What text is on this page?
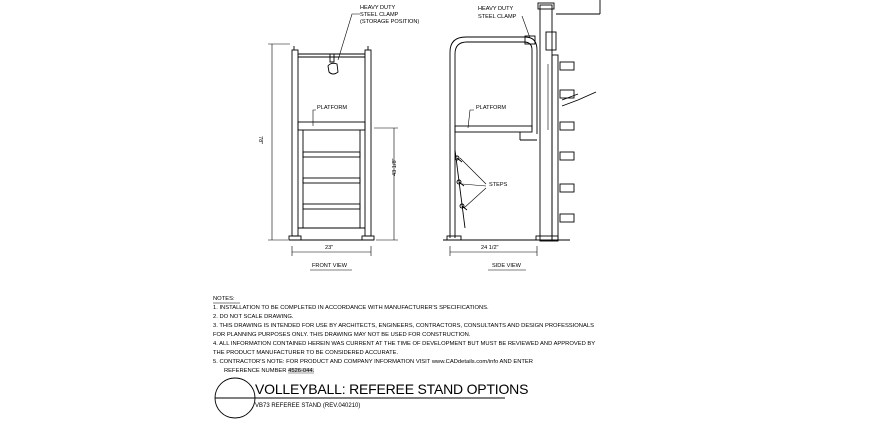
HEAVY DUTY
STEEL CLAMP
(STORAGE POSITION)
PLATFORM
78"
43 1/8"
23"
FRONT VIEW
HEAVY DUTY
STEEL CLAMP
PLATFORM
STEPS
24 1/2"
SIDE VIEW
NOTES:
1. INSTALLATION TO BE COMPLETED IN ACCORDANCE WITH MANUFACTURER'S SPECIFICATIONS.
2. DO NOT SCALE DRAWING.
3. THIS DRAWING IS INTENDED FOR USE BY ARCHITECTS, ENGINEERS, CONTRACTORS, CONSULTANTS AND DESIGN PROFESSIONALS
FOR PLANNING PURPOSES ONLY. THIS DRAWING MAY NOT BE USED FOR CONSTRUCTION.
4. ALL INFORMATION CONTAINED HEREIN WAS CURRENT AT THE TIME OF DEVELOPMENT BUT MUST BE REVIEWED AND APPROVED BY
THE PRODUCT MANUFACTURER TO BE CONSIDERED ACCURATE.
5. CONTRACTOR'S NOTE: FOR PRODUCT AND COMPANY INFORMATION VISIT www.CADdetails.com/info AND ENTER
REFERENCE NUMBER 4526-044.
VOLLEYBALL: REFEREE STAND OPTIONS
VB73 REFEREE STAND (REV.040210)
